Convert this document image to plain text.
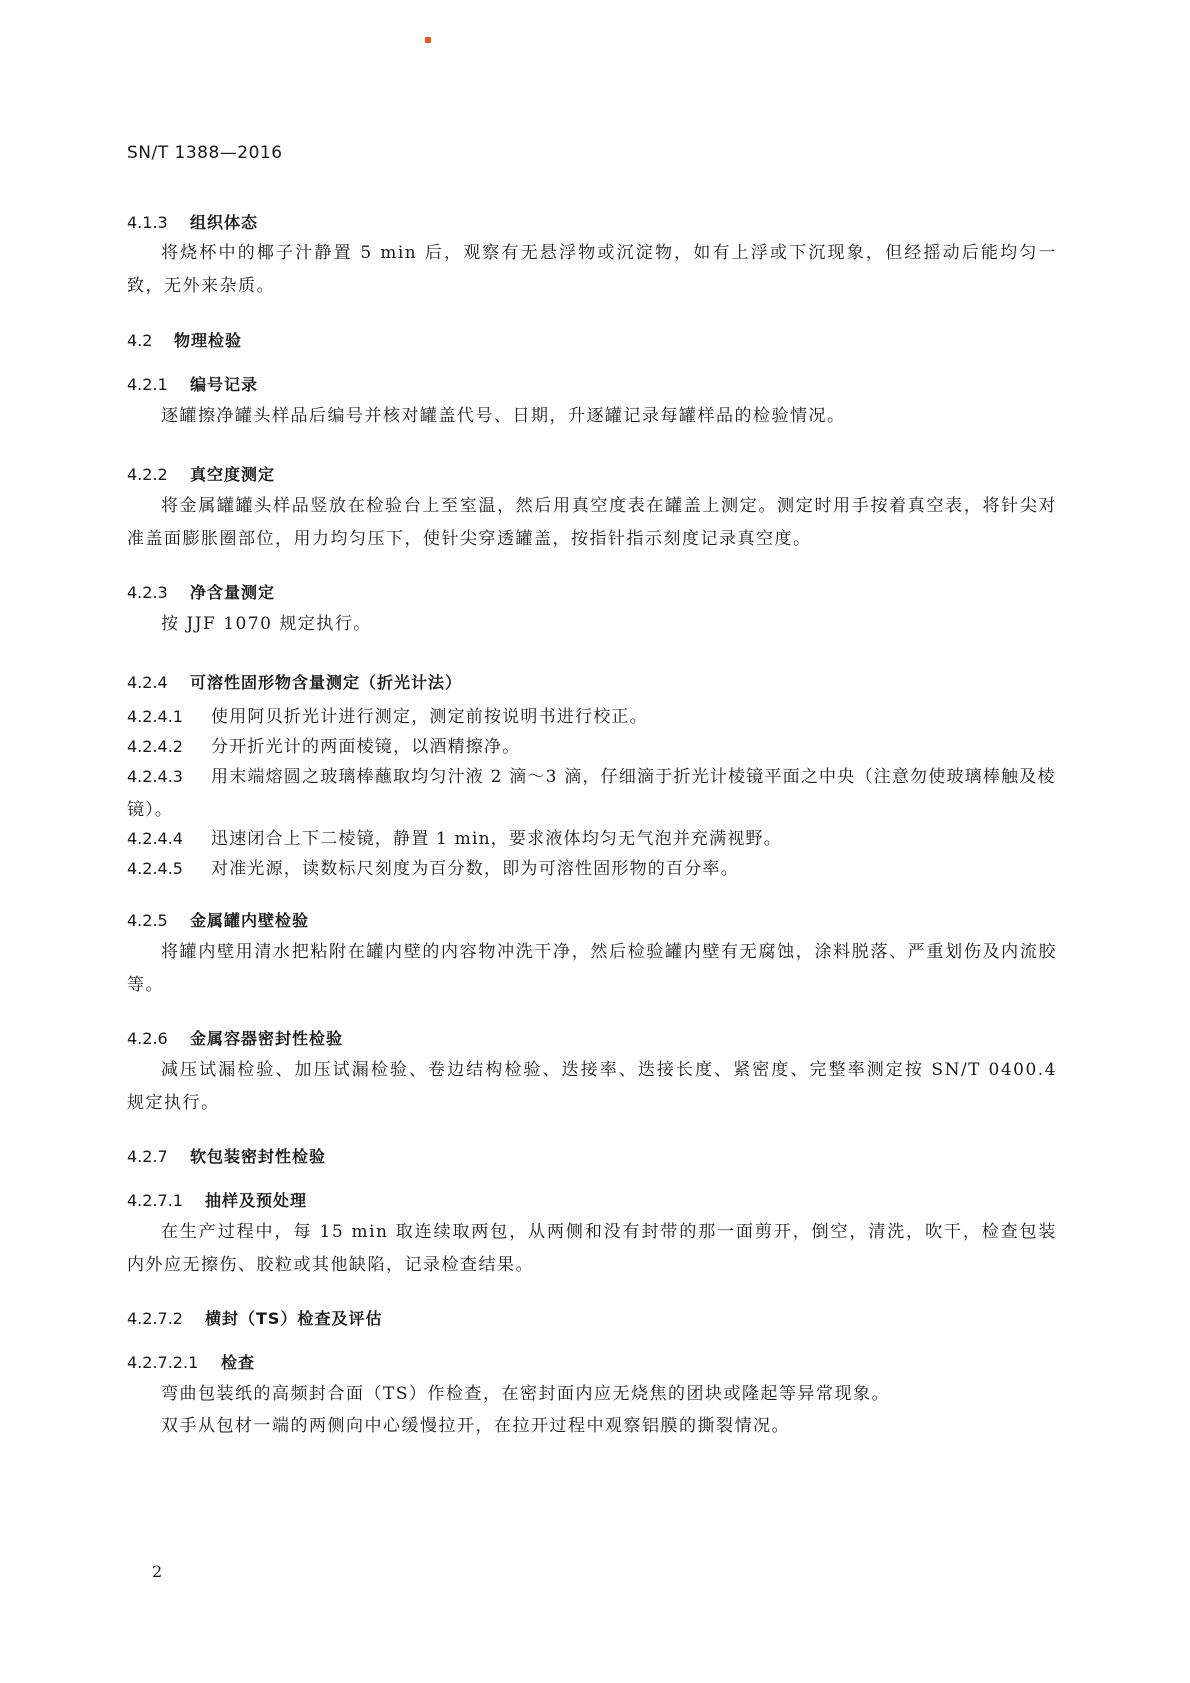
SN/T 1388—2016
4.1.3 组织体态

将烧杯中的椰子汁静置 5 min 后，观察有无悬浮物或沉淀物，如有上浮或下沉现象，但经摇动后能均匀一致，无外来杂质。

4.2 物理检验
4.2.1 编号记录

逐罐擦净罐头样品后编号并核对罐盖代号、日期，升逐罐记录每罐样品的检验情况。

4.2.2 真空度测定

将金属罐罐头样品竖放在检验台上至室温，然后用真空度表在罐盖上测定。测定时用手按着真空表，将针尖对准盖面膨胀圈部位，用力均匀压下，使针尖穿透罐盖，按指针指示刻度记录真空度。

4.2.3 净含量测定

按 JJF 1070 规定执行。

4.2.4 可溶性固形物含量测定（折光计法）
4.2.4.1 使用阿贝折光计进行测定，测定前按说明书进行校正。
4.2.4.2 分开折光计的两面棱镜，以酒精擦净。
4.2.4.3 用末端熔圆之玻璃棒蘸取均匀汁液 2 滴～3 滴，仔细滴于折光计棱镜平面之中央（注意勿使玻璃棒触及棱镜）。
4.2.4.4 迅速闭合上下二棱镜，静置 1 min，要求液体均匀无气泡并充满视野。
4.2.4.5 对准光源，读数标尺刻度为百分数，即为可溶性固形物的百分率。
4.2.5 金属罐内壁检验

将罐内壁用清水把粘附在罐内壁的内容物冲洗干净，然后检验罐内壁有无腐蚀，涂料脱落、严重划伤及内流胶等。

4.2.6 金属容器密封性检验

减压试漏检验、加压试漏检验、卷边结构检验、迭接率、迭接长度、紧密度、完整率测定按 SN/T 0400.4 规定执行。

4.2.7 软包装密封性检验
4.2.7.1 抽样及预处理

在生产过程中，每 15 min 取连续取两包，从两侧和没有封带的那一面剪开，倒空，清洗，吹干，检查包装内外应无擦伤、胶粒或其他缺陷，记录检查结果。

4.2.7.2 横封（TS）检查及评估
4.2.7.2.1 检查

弯曲包装纸的高频封合面（TS）作检查，在密封面内应无烧焦的团块或隆起等异常现象。

双手从包材一端的两侧向中心缓慢拉开，在拉开过程中观察铝膜的撕裂情况。

2
